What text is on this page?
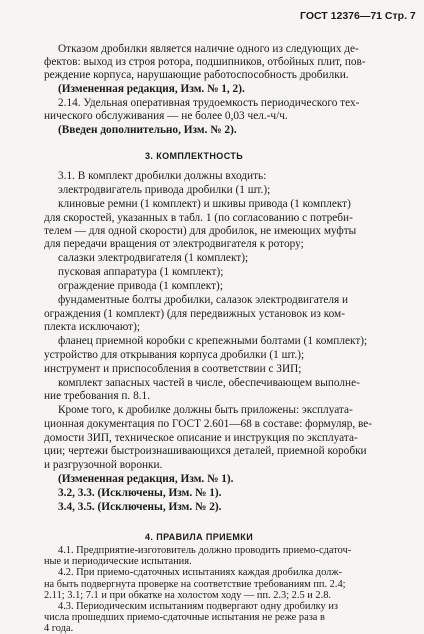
ГОСТ 12376—71 Стр. 7
Отказом дробилки является наличие одного из следующих де-
фектов: выход из строя ротора, подшипников, отбойных плит, пов-
реждение корпуса, нарушающие работоспособность дробилки.
(Измененная редакция, Изм. № 1, 2).
2.14. Удельная оперативная трудоемкость периодического тех-
нического обслуживания — не более 0,03 чел.-ч/ч.
(Введен дополнительно, Изм. № 2).
3. КОМПЛЕКТНОСТЬ
3.1. В комплект дробилки должны входить:
электродвигатель привода дробилки (1 шт.);
клиновые ремни (1 комплект) и шкивы привода (1 комплект)
для скоростей, указанных в табл. 1 (по согласованию с потреби-
телем — для одной скорости) для дробилок, не имеющих муфты
для передачи вращения от электродвигателя к ротору;
салазки электродвигателя (1 комплект);
пусковая аппаратура (1 комплект);
ограждение привода (1 комплект);
фундаментные болты дробилки, салазок электродвигателя и
ограждения (1 комплект) (для передвижных установок из ком-
плекта исключают);
фланец приемной коробки с крепежными болтами (1 комплект);
устройство для открывания корпуса дробилки (1 шт.);
инструмент и приспособления в соответствии с ЗИП;
комплект запасных частей в числе, обеспечивающем выполне-
ние требования п. 8.1.
Кроме того, к дробилке должны быть приложены: эксплуата-
ционная документация по ГОСТ 2.601—68 в составе: формуляр, ве-
домости ЗИП, техническое описание и инструкция по эксплуата-
ции; чертежи быстроизнашивающихся деталей, приемной коробки
и разгрузочной воронки.
(Измененная редакция, Изм. № 1).
3.2, 3.3. (Исключены, Изм. № 1).
3.4, 3.5. (Исключены, Изм. № 2).
4. ПРАВИЛА ПРИЕМКИ
4.1. Предприятие-изготовитель должно проводить приемо-сдаточ-
ные и периодические испытания.
4.2. При приемо-сдаточных испытаниях каждая дробилка долж-
на быть подвергнута проверке на соответствие требованиям пп. 2.4;
2.11; 3.1; 7.1 и при обкатке на холостом ходу — пп. 2.3; 2.5 и 2.8.
4.3. Периодическим испытаниям подвергают одну дробилку из
числа прошедших приемо-сдаточные испытания не реже раза в
4 года.
